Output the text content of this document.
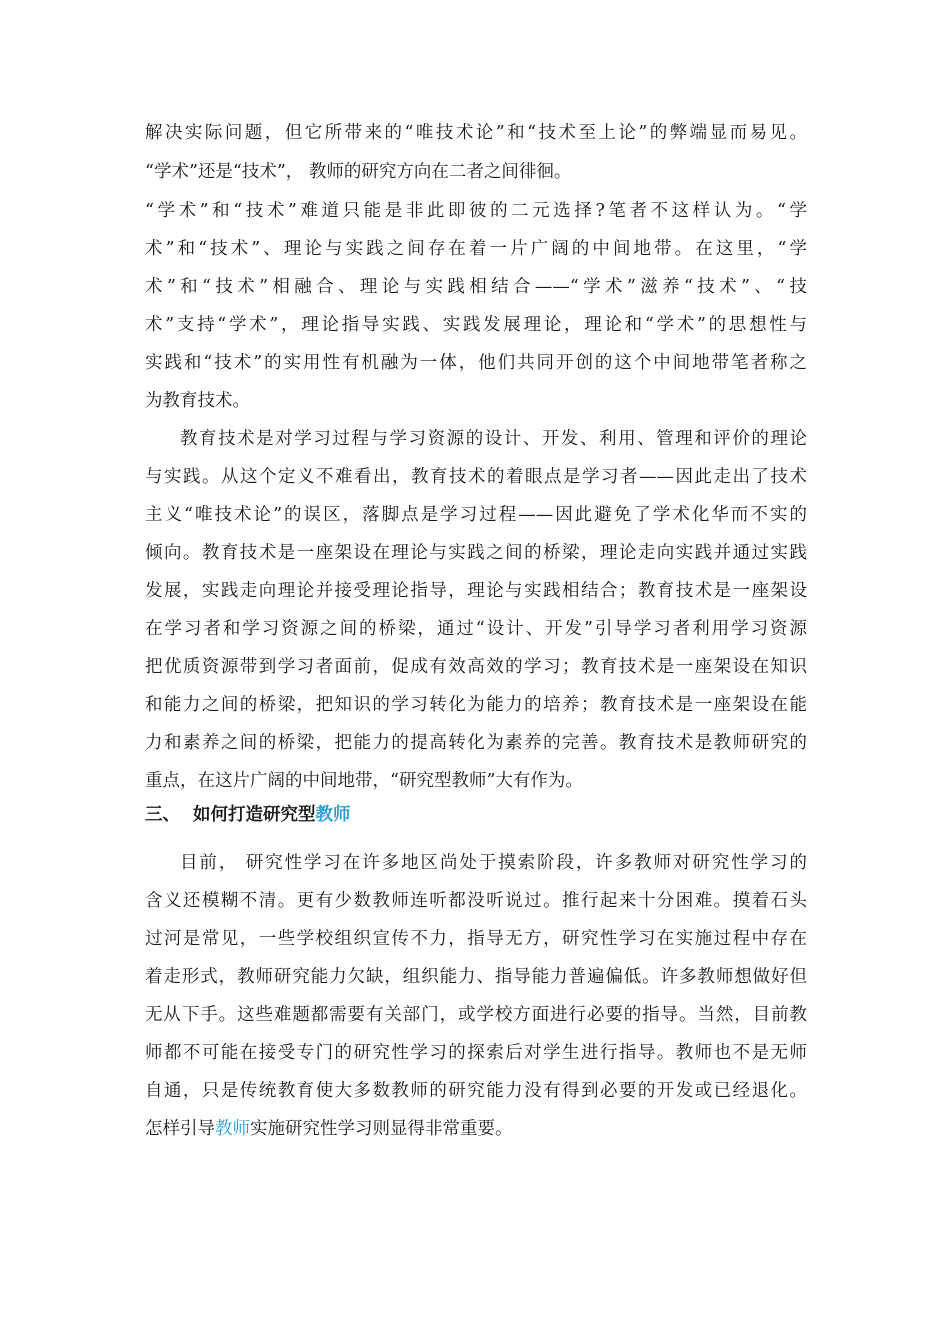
解决实际问题，但它所带来的“唯技术论”和“技术至上论”的弊端显而易见。
“学术”还是“技术”， 教师的研究方向在二者之间徘徊。
“学术”和“技术”难道只能是非此即彼的二元选择?笔者不这样认为。“学
术”和“技术”、理论与实践之间存在着一片广阔的中间地带。在这里，“学
术”和“技术”相融合、理论与实践相结合——“学术”滋养“技术”、“技
术”支持“学术”，理论指导实践、实践发展理论，理论和“学术”的思想性与
实践和“技术”的实用性有机融为一体，他们共同开创的这个中间地带笔者称之
为教育技术。
教育技术是对学习过程与学习资源的设计、开发、利用、管理和评价的理论
与实践。从这个定义不难看出，教育技术的着眼点是学习者——因此走出了技术
主义“唯技术论”的误区，落脚点是学习过程——因此避免了学术化华而不实的
倾向。教育技术是一座架设在理论与实践之间的桥梁，理论走向实践并通过实践
发展，实践走向理论并接受理论指导，理论与实践相结合；教育技术是一座架设
在学习者和学习资源之间的桥梁，通过“设计、开发”引导学习者利用学习资源
把优质资源带到学习者面前，促成有效高效的学习；教育技术是一座架设在知识
和能力之间的桥梁，把知识的学习转化为能力的培养；教育技术是一座架设在能
力和素养之间的桥梁，把能力的提高转化为素养的完善。教育技术是教师研究的
重点，在这片广阔的中间地带，“研究型教师”大有作为。
三、 如何打造研究型教师
目前， 研究性学习在许多地区尚处于摸索阶段，许多教师对研究性学习的
含义还模糊不清。更有少数教师连听都没听说过。推行起来十分困难。摸着石头
过河是常见，一些学校组织宣传不力，指导无方，研究性学习在实施过程中存在
着走形式，教师研究能力欠缺，组织能力、指导能力普遍偏低。许多教师想做好但
无从下手。这些难题都需要有关部门，或学校方面进行必要的指导。当然，目前教
师都不可能在接受专门的研究性学习的探索后对学生进行指导。教师也不是无师
自通，只是传统教育使大多数教师的研究能力没有得到必要的开发或已经退化。
怎样引导教师实施研究性学习则显得非常重要。
